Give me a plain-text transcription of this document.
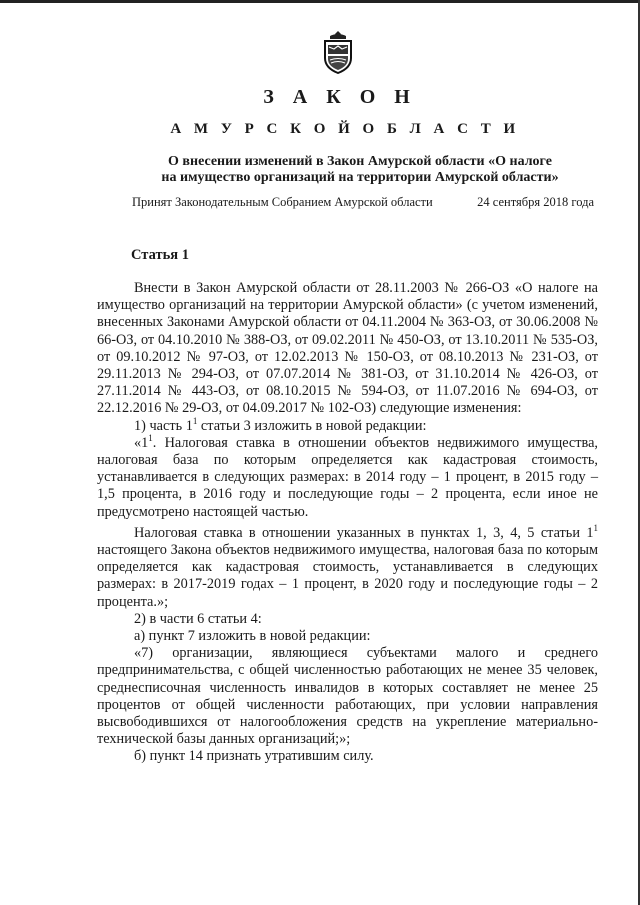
З А К О Н
А М У Р С К О Й О Б Л А С Т И
О внесении изменений в Закон Амурской области «О налоге
на имущество организаций на территории Амурской области»
Принят Законодательным Собранием Амурской области	24 сентября 2018 года
Статья 1

Внести в Закон Амурской области от 28.11.2003 № 266-ОЗ «О налоге на имущество организаций на территории Амурской области» (с учетом изменений, внесенных Законами Амурской области от 04.11.2004 № 363-ОЗ, от 30.06.2008 № 66-ОЗ, от 04.10.2010 № 388-ОЗ, от 09.02.2011 № 450-ОЗ, от 13.10.2011 № 535-ОЗ, от 09.10.2012 № 97-ОЗ, от 12.02.2013 № 150-ОЗ, от 08.10.2013 № 231-ОЗ, от 29.11.2013 № 294-ОЗ, от 07.07.2014 № 381-ОЗ, от 31.10.2014 № 426-ОЗ, от 27.11.2014 № 443-ОЗ, от 08.10.2015 № 594-ОЗ, от 11.07.2016 № 694-ОЗ, от 22.12.2016 № 29-ОЗ, от 04.09.2017 № 102-ОЗ) следующие изменения:

1) часть $1^1$ статьи 3 изложить в новой редакции:

«$1^1$. Налоговая ставка в отношении объектов недвижимого имущества, налоговая база по которым определяется как кадастровая стоимость, устанавливается в следующих размерах: в 2014 году – 1 процент, в 2015 году – 1,5 процента, в 2016 году и последующие годы – 2 процента, если иное не предусмотрено настоящей частью.

Налоговая ставка в отношении указанных в пунктах 1, 3, 4, 5 статьи $1^1$ настоящего Закона объектов недвижимого имущества, налоговая база по которым определяется как кадастровая стоимость, устанавливается в следующих размерах: в 2017-2019 годах – 1 процент, в 2020 году и последующие годы – 2 процента.»;

2) в части 6 статьи 4:

а) пункт 7 изложить в новой редакции:

«7) организации, являющиеся субъектами малого и среднего предпринимательства, с общей численностью работающих не менее 35 человек, среднесписочная численность инвалидов в которых составляет не менее 25 процентов от общей численности работающих, при условии направления высвободившихся от налогообложения средств на укрепление материально-технической базы данных организаций;»;

б) пункт 14 признать утратившим силу.
